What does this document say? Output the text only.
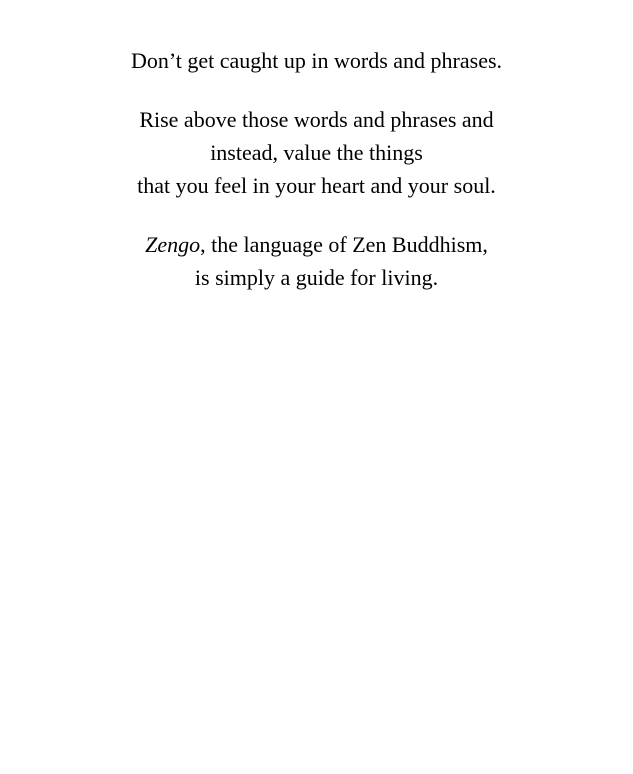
Don’t get caught up in words and phrases.
Rise above those words and phrases and
instead, value the things
that you feel in your heart and your soul.
Zengo, the language of Zen Buddhism,
is simply a guide for living.
